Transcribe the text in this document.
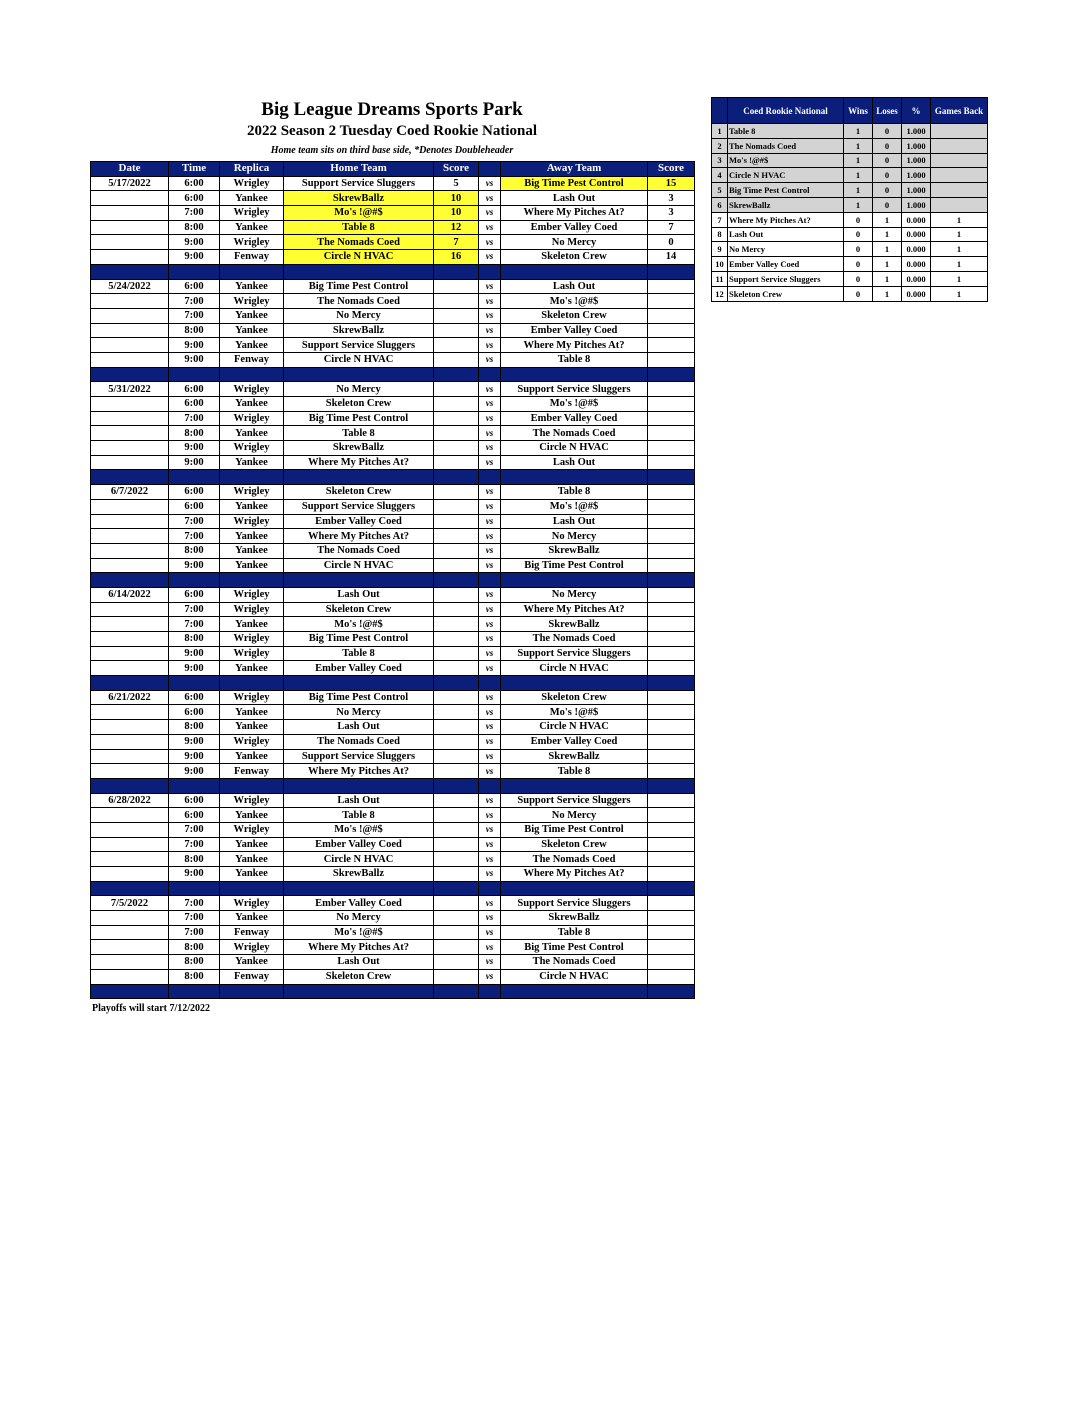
Big League Dreams Sports Park
2022 Season 2 Tuesday Coed Rookie National
Home team sits on third base side, *Denotes Doubleheader
Date	Time	Replica	Home Team	Score		Away Team	Score
5/17/2022	6:00	Wrigley	Support Service Sluggers	5	vs	Big Time Pest Control	15
	6:00	Yankee	SkrewBallz	10	vs	Lash Out	3
	7:00	Wrigley	Mo's !@#$	10	vs	Where My Pitches At?	3
	8:00	Yankee	Table 8	12	vs	Ember Valley Coed	7
	9:00	Wrigley	The Nomads Coed	7	vs	No Mercy	0
	9:00	Fenway	Circle N HVAC	16	vs	Skeleton Crew	14

5/24/2022	6:00	Yankee	Big Time Pest Control		vs	Lash Out	
	7:00	Wrigley	The Nomads Coed		vs	Mo's !@#$	
	7:00	Yankee	No Mercy		vs	Skeleton Crew	
	8:00	Yankee	SkrewBallz		vs	Ember Valley Coed	
	9:00	Yankee	Support Service Sluggers		vs	Where My Pitches At?	
	9:00	Fenway	Circle N HVAC		vs	Table 8	

5/31/2022	6:00	Wrigley	No Mercy		vs	Support Service Sluggers	
	6:00	Yankee	Skeleton Crew		vs	Mo's !@#$	
	7:00	Wrigley	Big Time Pest Control		vs	Ember Valley Coed	
	8:00	Yankee	Table 8		vs	The Nomads Coed	
	9:00	Wrigley	SkrewBallz		vs	Circle N HVAC	
	9:00	Yankee	Where My Pitches At?		vs	Lash Out	

6/7/2022	6:00	Wrigley	Skeleton Crew		vs	Table 8	
	6:00	Yankee	Support Service Sluggers		vs	Mo's !@#$	
	7:00	Wrigley	Ember Valley Coed		vs	Lash Out	
	7:00	Yankee	Where My Pitches At?		vs	No Mercy	
	8:00	Yankee	The Nomads Coed		vs	SkrewBallz	
	9:00	Yankee	Circle N HVAC		vs	Big Time Pest Control	

6/14/2022	6:00	Wrigley	Lash Out		vs	No Mercy	
	7:00	Wrigley	Skeleton Crew		vs	Where My Pitches At?	
	7:00	Yankee	Mo's !@#$		vs	SkrewBallz	
	8:00	Wrigley	Big Time Pest Control		vs	The Nomads Coed	
	9:00	Wrigley	Table 8		vs	Support Service Sluggers	
	9:00	Yankee	Ember Valley Coed		vs	Circle N HVAC	

6/21/2022	6:00	Wrigley	Big Time Pest Control		vs	Skeleton Crew	
	6:00	Yankee	No Mercy		vs	Mo's !@#$	
	8:00	Yankee	Lash Out		vs	Circle N HVAC	
	9:00	Wrigley	The Nomads Coed		vs	Ember Valley Coed	
	9:00	Yankee	Support Service Sluggers		vs	SkrewBallz	
	9:00	Fenway	Where My Pitches At?		vs	Table 8	

6/28/2022	6:00	Wrigley	Lash Out		vs	Support Service Sluggers	
	6:00	Yankee	Table 8		vs	No Mercy	
	7:00	Wrigley	Mo's !@#$		vs	Big Time Pest Control	
	7:00	Yankee	Ember Valley Coed		vs	Skeleton Crew	
	8:00	Yankee	Circle N HVAC		vs	The Nomads Coed	
	9:00	Yankee	SkrewBallz		vs	Where My Pitches At?	

7/5/2022	7:00	Wrigley	Ember Valley Coed		vs	Support Service Sluggers	
	7:00	Yankee	No Mercy		vs	SkrewBallz	
	7:00	Fenway	Mo's !@#$		vs	Table 8	
	8:00	Wrigley	Where My Pitches At?		vs	Big Time Pest Control	
	8:00	Yankee	Lash Out		vs	The Nomads Coed	
	8:00	Fenway	Skeleton Crew		vs	Circle N HVAC	

	Coed Rookie National	Wins	Loses	%	Games Back
1	Table 8	1	0	1.000	
2	The Nomads Coed	1	0	1.000	
3	Mo's !@#$	1	0	1.000	
4	Circle N HVAC	1	0	1.000	
5	Big Time Pest Control	1	0	1.000	
6	SkrewBallz	1	0	1.000	
7	Where My Pitches At?	0	1	0.000	1
8	Lash Out	0	1	0.000	1
9	No Mercy	0	1	0.000	1
10	Ember Valley Coed	0	1	0.000	1
11	Support Service Sluggers	0	1	0.000	1
12	Skeleton Crew	0	1	0.000	1
Playoffs will start 7/12/2022
